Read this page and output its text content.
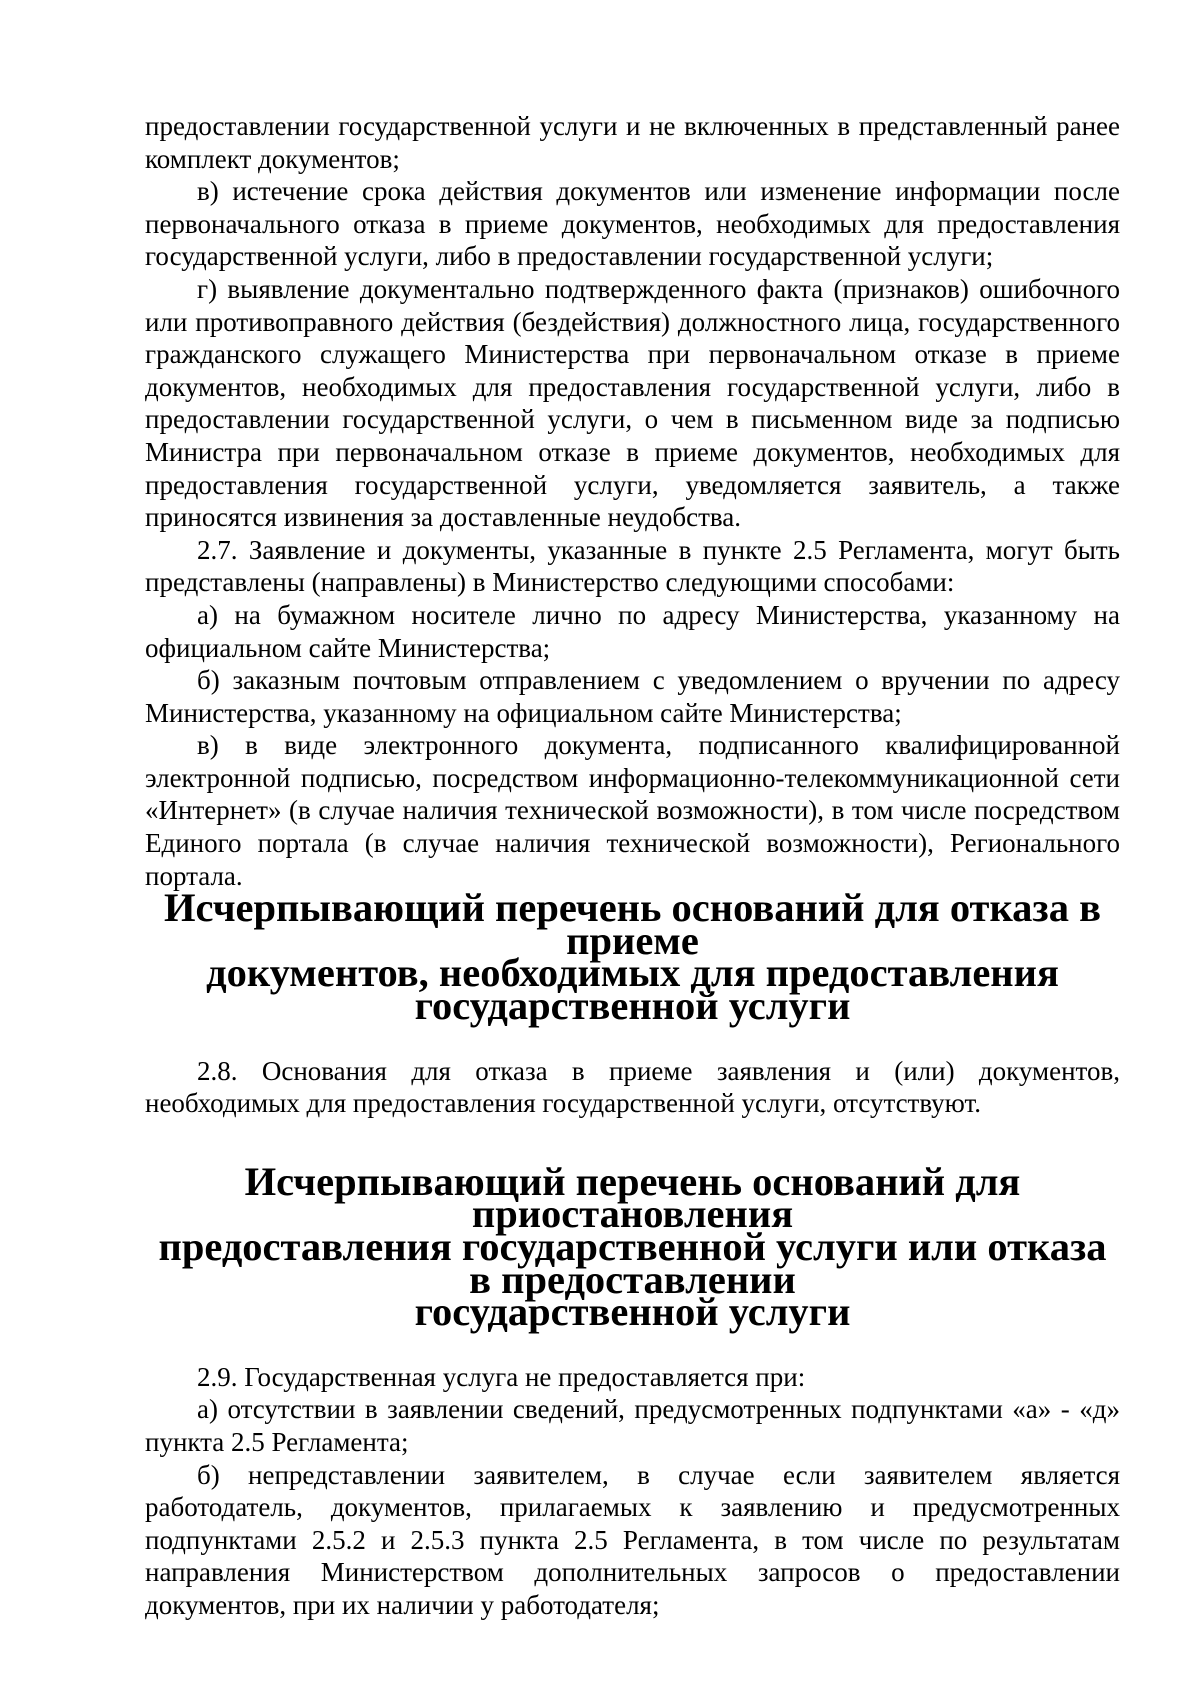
предоставлении государственной услуги и не включенных в представленный ранее комплект документов;

в) истечение срока действия документов или изменение информации после первоначального отказа в приеме документов, необходимых для предоставления государственной услуги, либо в предоставлении государственной услуги;

г) выявление документально подтвержденного факта (признаков) ошибочного или противоправного действия (бездействия) должностного лица, государственного гражданского служащего Министерства при первоначальном отказе в приеме документов, необходимых для предоставления государственной услуги, либо в предоставлении государственной услуги, о чем в письменном виде за подписью Министра при первоначальном отказе в приеме документов, необходимых для предоставления государственной услуги, уведомляется заявитель, а также приносятся извинения за доставленные неудобства.

2.7. Заявление и документы, указанные в пункте 2.5 Регламента, могут быть представлены (направлены) в Министерство следующими способами:

а) на бумажном носителе лично по адресу Министерства, указанному на официальном сайте Министерства;

б) заказным почтовым отправлением с уведомлением о вручении по адресу Министерства, указанному на официальном сайте Министерства;

в) в виде электронного документа, подписанного квалифицированной электронной подписью, посредством информационно-телекоммуникационной сети «Интернет» (в случае наличия технической возможности), в том числе посредством Единого портала (в случае наличия технической возможности), Регионального портала.

Исчерпывающий перечень оснований для отказа в приеме
документов, необходимых для предоставления
государственной услуги

2.8. Основания для отказа в приеме заявления и (или) документов, необходимых для предоставления государственной услуги, отсутствуют.

Исчерпывающий перечень оснований для приостановления
предоставления государственной услуги или отказа в предоставлении
государственной услуги

2.9. Государственная услуга не предоставляется при:

а) отсутствии в заявлении сведений, предусмотренных подпунктами «а» - «д» пункта 2.5 Регламента;

б) непредставлении заявителем, в случае если заявителем является работодатель, документов, прилагаемых к заявлению и предусмотренных подпунктами 2.5.2 и 2.5.3 пункта 2.5 Регламента, в том числе по результатам направления Министерством дополнительных запросов о предоставлении документов, при их наличии у работодателя;
